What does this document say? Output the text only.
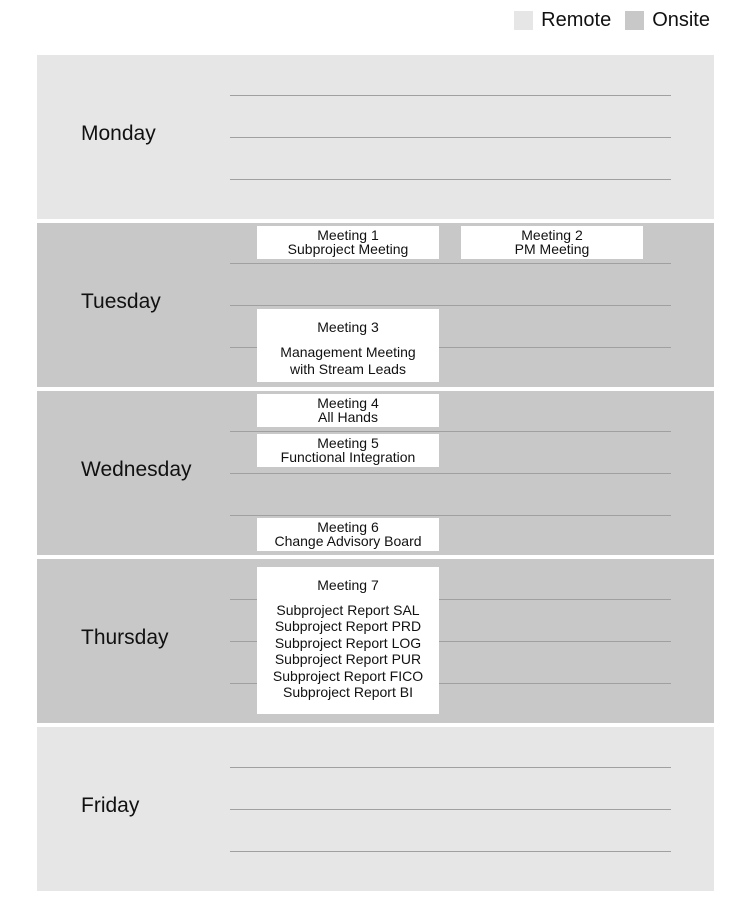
Remote Onsite
Monday
Tuesday
Wednesday
Thursday
Friday
Meeting 1
Subproject Meeting
Meeting 2
PM Meeting
Meeting 3
Management Meeting
with Stream Leads
Meeting 4
All Hands
Meeting 5
Functional Integration
Meeting 6
Change Advisory Board
Meeting 7
Subproject Report SAL
Subproject Report PRD
Subproject Report LOG
Subproject Report PUR
Subproject Report FICO
Subproject Report BI
